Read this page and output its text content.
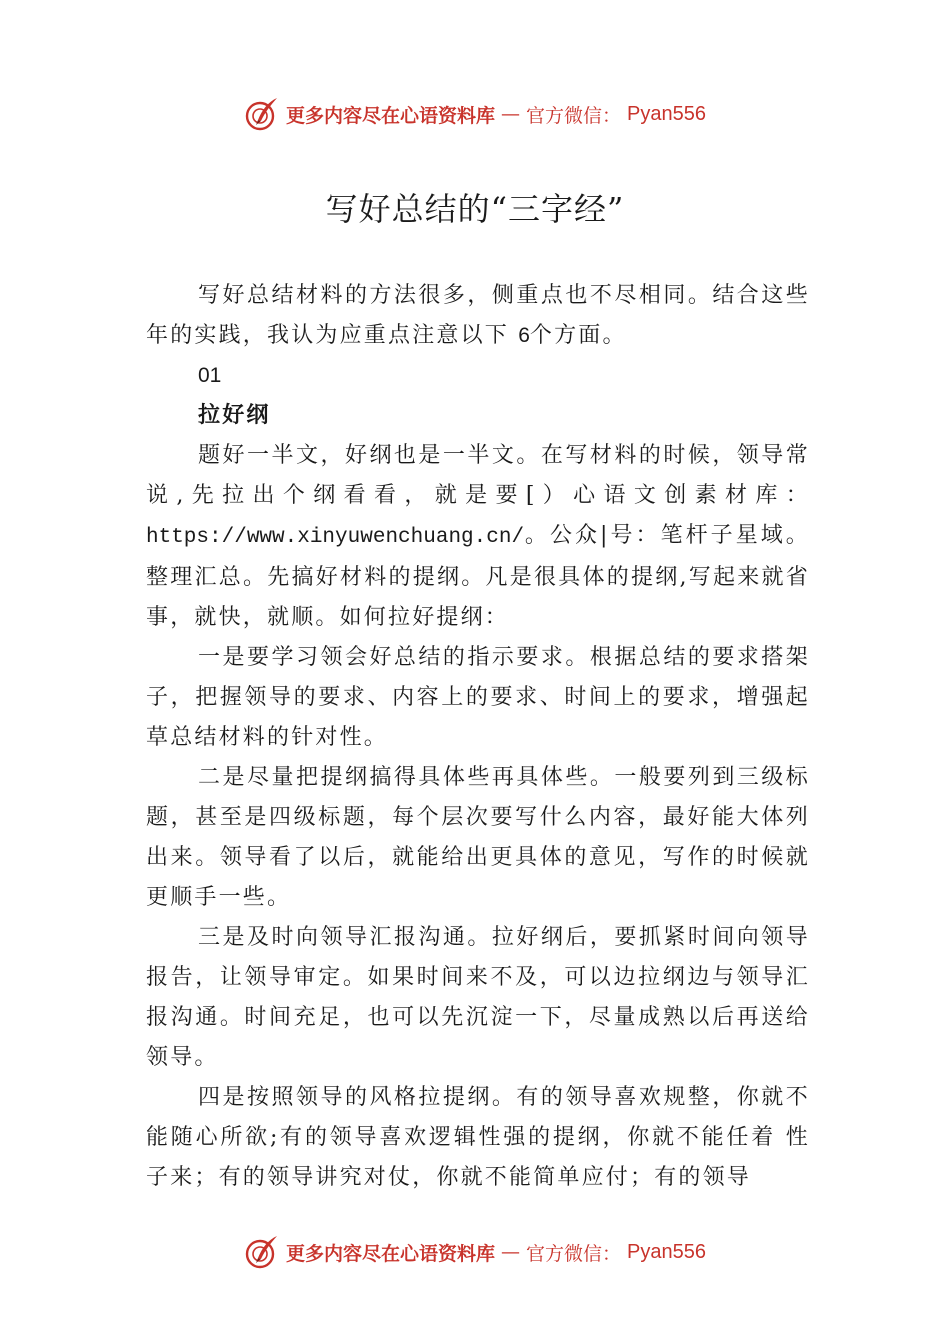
更多内容尽在心语资料库 — 官方微信： Pyan556
写好总结的“三字经”

写好总结材料的方法很多，侧重点也不尽相同。结合这些年的实践，我认为应重点注意以下 6个方面。

01
拉好纲

题好一半文，好纲也是一半文。在写材料的时候，领导常说,先拉出个纲看看，就是要[）心语文创素材库：https://www.xinyuwenchuang.cn/。公众|号：笔杆子星域。整理汇总。先搞好材料的提纲。凡是很具体的提纲,写起来就省事，就快，就顺。如何拉好提纲：

一是要学习领会好总结的指示要求。根据总结的要求搭架子，把握领导的要求、内容上的要求、时间上的要求，增强起草总结材料的针对性。

二是尽量把提纲搞得具体些再具体些。一般要列到三级标题，甚至是四级标题，每个层次要写什么内容，最好能大体列出来。领导看了以后，就能给出更具体的意见，写作的时候就更顺手一些。

三是及时向领导汇报沟通。拉好纲后，要抓紧时间向领导报告，让领导审定。如果时间来不及，可以边拉纲边与领导汇报沟通。时间充足，也可以先沉淀一下，尽量成熟以后再送给领导。

四是按照领导的风格拉提纲。有的领导喜欢规整，你就不能随心所欲;有的领导喜欢逻辑性强的提纲，你就不能任着 性子来；有的领导讲究对仗，你就不能简单应付；有的领导

更多内容尽在心语资料库 — 官方微信： Pyan556
